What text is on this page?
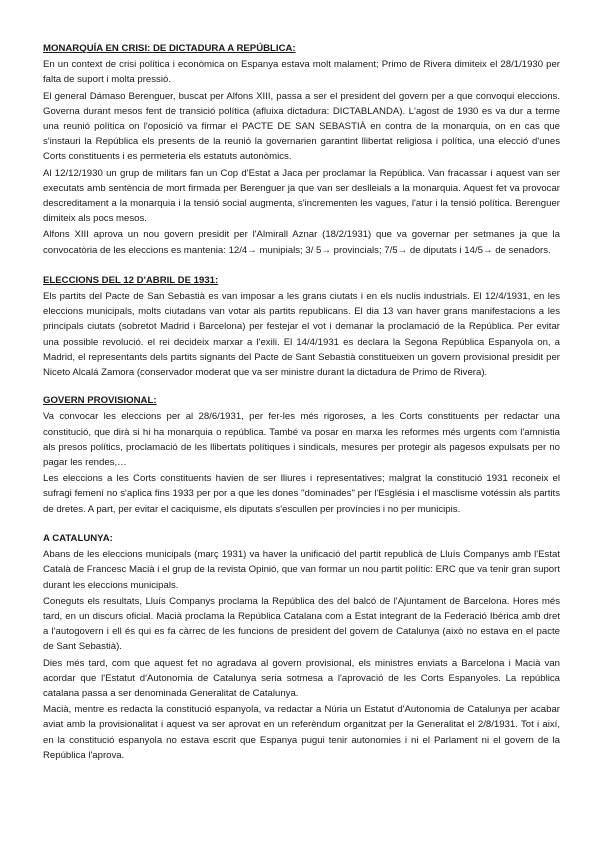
MONARQUÍA EN CRISI: DE DICTADURA A REPÚBLICA:

En un context de crisi política i econòmica on Espanya estava molt malament; Primo de Rivera dimiteix el 28/1/1930 per falta de suport i molta pressió.

El general Dámaso Berenguer, buscat per Alfons XIII, passa a ser el president del govern per a que convoqui eleccions. Governa durant mesos fent de transició política (afluixa dictadura: DICTABLANDA). L'agost de 1930 es va dur a terme una reunió política on l'oposició va firmar el PACTE DE SAN SEBASTIÀ en contra de la monarquia, on en cas que s'instauri la República els presents de la reunió la governarien garantint llibertat religiosa i política, una elecció d'unes Corts constituents i es permeteria els estatuts autonòmics.

Al 12/12/1930 un grup de militars fan un Cop d'Estat a Jaca per proclamar la República. Van fracassar i aquest van ser executats amb sentència de mort firmada per Berenguer ja que van ser deslleials a la monarquia. Aquest fet va provocar descreditament a la monarquia i la tensió social augmenta, s'incrementen les vagues, l'atur i la tensió política. Berenguer dimiteix als pocs mesos.

Alfons XIII aprova un nou govern presidit per l'Almirall Aznar (18/2/1931) que va governar per setmanes ja que la convocatòria de les eleccions es mantenia: 12/4→ munipials; 3/ 5→ provincials; 7/5→ de diputats i 14/5→ de senadors.

ELECCIONS DEL 12 D'ABRIL DE 1931:

Els partits del Pacte de San Sebastià es van imposar a les grans ciutats i en els nuclis industrials. El 12/4/1931, en les eleccions municipals, molts ciutadans van votar als partits republicans. El dia 13 van haver grans manifestacions a les principals ciutats (sobretot Madrid i Barcelona) per festejar el vot i demanar la proclamació de la República. Per evitar una possible revolució. el rei decideix marxar a l'exili. El 14/4/1931 es declara la Segona República Espanyola on, a Madrid, el representants dels partits signants del Pacte de Sant Sebastià constitueixen un govern provisional presidit per Niceto Alcalá Zamora (conservador moderat que va ser ministre durant la dictadura de Primo de Rivera).

GOVERN PROVISIONAL:

Va convocar les eleccions per al 28/6/1931, per fer-les més rigoroses, a les Corts constituents per redactar una constitució, que dirà si hi ha monarquia o república. També va posar en marxa les reformes més urgents com l'amnistia als presos polítics, proclamació de les llibertats polítiques i sindicals, mesures per protegir als pagesos expulsats per no pagar les rendes,…

Les eleccions a les Corts constituents havien de ser lliures i representatives; malgrat la constitució 1931 reconeix el sufragi femení no s'aplica fins 1933 per por a que les dones "dominades" per l'Església i el masclisme votéssin als partits de dretes. A part, per evitar el caciquisme, els diputats s'escullen per províncies i no per municipis.

A CATALUNYA:

Abans de les eleccions municipals (març 1931) va haver la unificació del partit republicà de Lluís Companys amb l'Estat Català de Francesc Macià i el grup de la revista Opinió, que van formar un nou partit polític: ERC que va tenir gran suport durant les eleccions municipals.

Coneguts els resultats, Lluís Companys proclama la República des del balcó de l'Ajuntament de Barcelona. Hores més tard, en un discurs oficial. Macià proclama la República Catalana com a Estat integrant de la Federació Ibèrica amb dret a l'autogovern i ell és qui es fa càrrec de les funcions de president del govern de Catalunya (això no estava en el pacte de Sant Sebastià).

Dies més tard, com que aquest fet no agradava al govern provisional, els ministres enviats a Barcelona i Macià van acordar que l'Estatut d'Autonomia de Catalunya seria sotmesa a l'aprovació de les Corts Espanyoles. La república catalana passa a ser denominada Generalitat de Catalunya.

Macià, mentre es redacta la constitució espanyola, va redactar a Núria un Estatut d'Autonomia de Catalunya per acabar aviat amb la provisionalitat i aquest va ser aprovat en un referèndum organitzat per la Generalitat el 2/8/1931. Tot i així, en la constitució espanyola no estava escrit que Espanya pugui tenir autonomies i ni el Parlament ni el govern de la República l'aprova.
